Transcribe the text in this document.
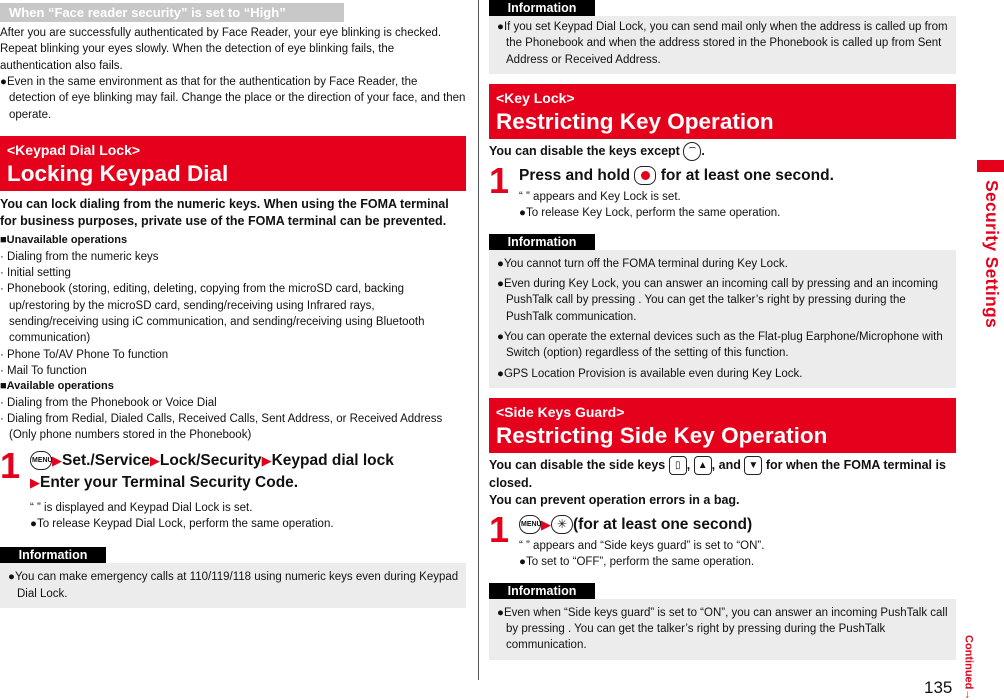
When “Face reader security” is set to “High”

After you are successfully authenticated by Face Reader, your eye blinking is checked. Repeat blinking your eyes slowly. When the detection of eye blinking fails, the authentication also fails.

●Even in the same environment as that for the authentication by Face Reader, the detection of eye blinking may fail. Change the place or the direction of your face, and then operate.

<Keypad Dial Lock>
Locking Keypad Dial

You can lock dialing from the numeric keys. When using the FOMA terminal for business purposes, private use of the FOMA terminal can be prevented.

■Unavailable operations

· Dialing from the numeric keys

· Initial setting

· Phonebook (storing, editing, deleting, copying from the microSD card, backing up/restoring by the microSD card, sending/receiving using Infrared rays, sending/receiving using iC communication, and sending/receiving using Bluetooth communication)

· Phone To/AV Phone To function

· Mail To function

■Available operations

· Dialing from the Phonebook or Voice Dial

· Dialing from Redial, Dialed Calls, Received Calls, Sent Address, or Received Address (Only phone numbers stored in the Phonebook)

1 MENU▶Set./Service▶Lock/Security▶Keypad dial lock
▶Enter your Terminal Security Code.

“ ” is displayed and Keypad Dial Lock is set.

●To release Keypad Dial Lock, perform the same operation.

Information

●You can make emergency calls at 110/119/118 using numeric keys even during Keypad Dial Lock.

Information

●If you set Keypad Dial Lock, you can send mail only when the address is called up from the Phonebook and when the address stored in the Phonebook is called up from Sent Address or Received Address.

<Key Lock>
Restricting Key Operation

You can disable the keys except ⌒ .

1 Press and hold for at least one second.

“ ” appears and Key Lock is set.

●To release Key Lock, perform the same operation.

Information

●You cannot turn off the FOMA terminal during Key Lock.

●Even during Key Lock, you can answer an incoming call by pressing and an incoming PushTalk call by pressing . You can get the talker’s right by pressing during the PushTalk communication.

●You can operate the external devices such as the Flat-plug Earphone/Microphone with Switch (option) regardless of the setting of this function.

●GPS Location Provision is available even during Key Lock.

<Side Keys Guard>
Restricting Side Key Operation
You can disable the side keys ▯ , ▲ , and ▼ for when the FOMA terminal is closed.
You can prevent operation errors in a bag.
1 MENU▶ ✳ (for at least one second)

“ ” appears and “Side keys guard” is set to “ON”.

●To set to “OFF”, perform the same operation.

Information

●Even when “Side keys guard” is set to “ON”, you can answer an incoming PushTalk call by pressing . You can get the talker’s right by pressing during the PushTalk communication.

Security Settings
Continued→
135
